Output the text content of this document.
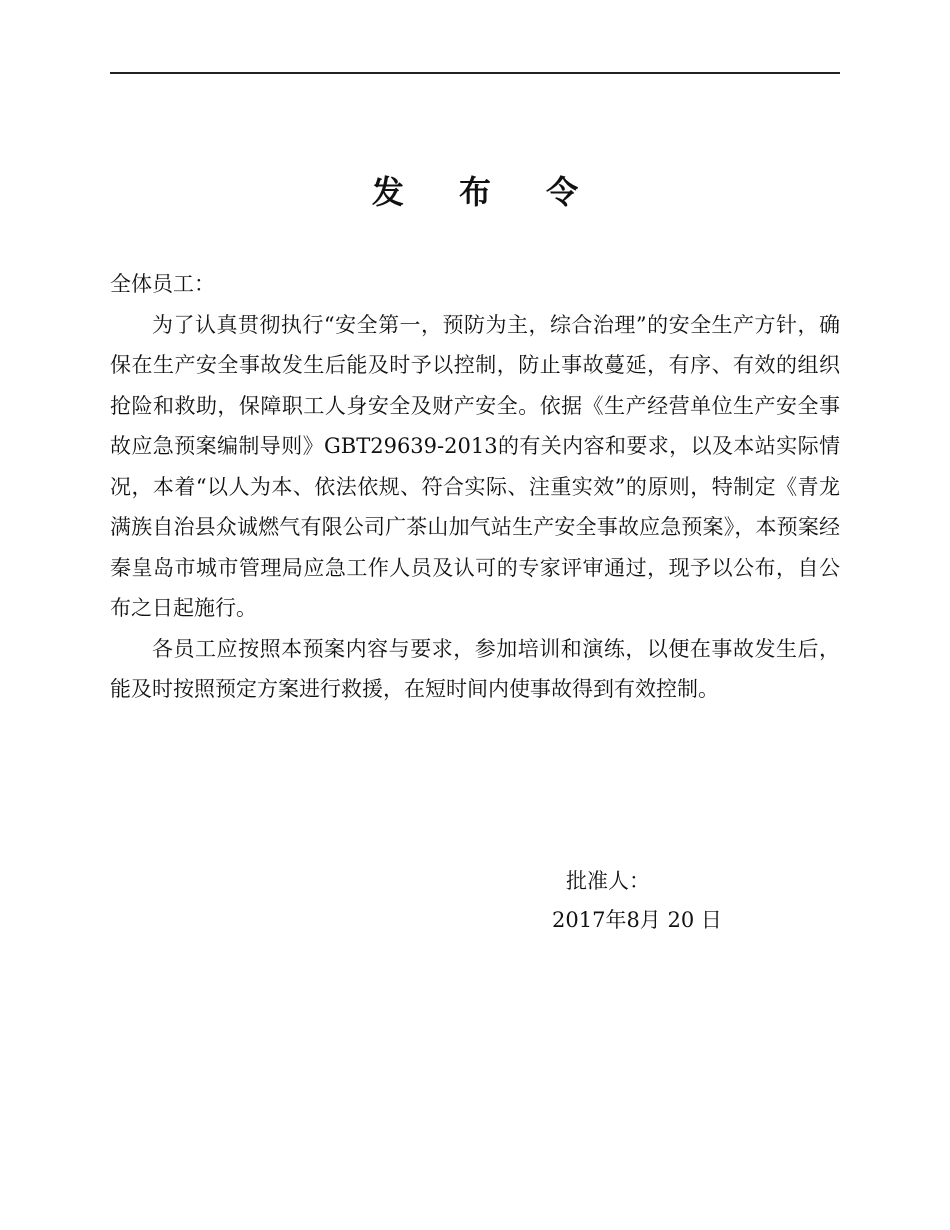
发 布 令

全体员工：

为了认真贯彻执行“安全第一，预防为主，综合治理”的安全生产方针，确保在生产安全事故发生后能及时予以控制，防止事故蔓延，有序、有效的组织抢险和救助，保障职工人身安全及财产安全。依据《生产经营单位生产安全事故应急预案编制导则》GBT29639-2013的有关内容和要求，以及本站实际情况，本着“以人为本、依法依规、符合实际、注重实效”的原则，特制定《青龙满族自治县众诚燃气有限公司广茶山加气站生产安全事故应急预案》，本预案经秦皇岛市城市管理局应急工作人员及认可的专家评审通过，现予以公布，自公布之日起施行。

各员工应按照本预案内容与要求，参加培训和演练，以便在事故发生后，能及时按照预定方案进行救援，在短时间内使事故得到有效控制。

批准人：
2017年8月 20 日
